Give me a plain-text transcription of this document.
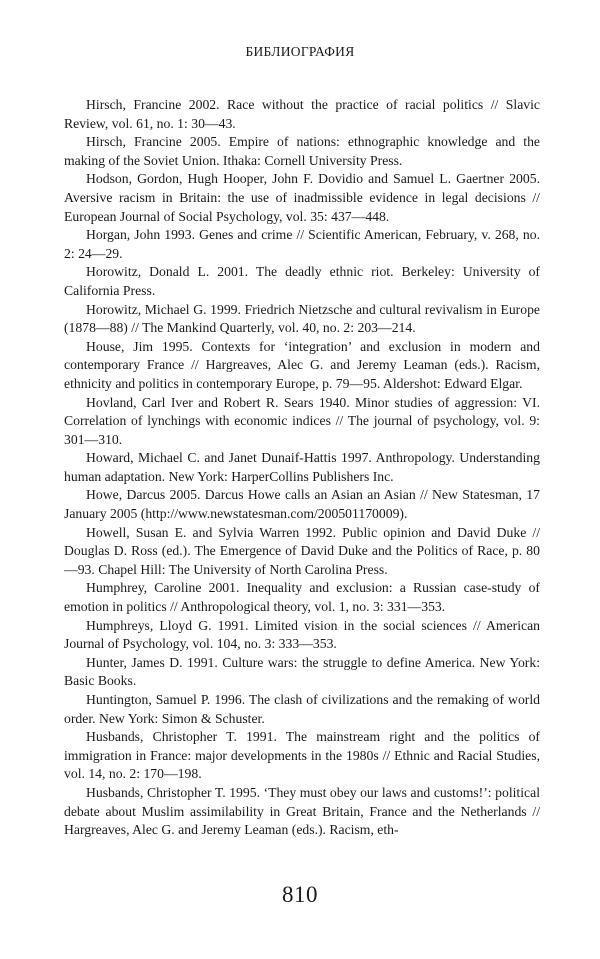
БИБЛИОГРАФИЯ

Hirsch, Francine 2002. Race without the practice of racial politics // Slavic Review, vol. 61, no. 1: 30—43.

Hirsch, Francine 2005. Empire of nations: ethnographic knowledge and the making of the Soviet Union. Ithaka: Cornell University Press.

Hodson, Gordon, Hugh Hooper, John F. Dovidio and Samuel L. Gaertner 2005. Aversive racism in Britain: the use of inadmissible evidence in legal decisions // European Journal of Social Psychology, vol. 35: 437—448.

Horgan, John 1993. Genes and crime // Scientific American, February, v. 268, no. 2: 24—29.

Horowitz, Donald L. 2001. The deadly ethnic riot. Berkeley: University of California Press.

Horowitz, Michael G. 1999. Friedrich Nietzsche and cultural revivalism in Europe (1878—88) // The Mankind Quarterly, vol. 40, no. 2: 203—214.

House, Jim 1995. Contexts for ‘integration’ and exclusion in modern and contemporary France // Hargreaves, Alec G. and Jeremy Leaman (eds.). Racism, ethnicity and politics in contemporary Europe, p. 79—95. Aldershot: Edward Elgar.

Hovland, Carl Iver and Robert R. Sears 1940. Minor studies of aggression: VI. Correlation of lynchings with economic indices // The journal of psychology, vol. 9: 301—310.

Howard, Michael C. and Janet Dunaif-Hattis 1997. Anthropology. Understanding human adaptation. New York: HarperCollins Publishers Inc.

Howe, Darcus 2005. Darcus Howe calls an Asian an Asian // New Statesman, 17 January 2005 (http://www.newstatesman.com/200501170009).

Howell, Susan E. and Sylvia Warren 1992. Public opinion and David Duke // Douglas D. Ross (ed.). The Emergence of David Duke and the Politics of Race, p. 80—93. Chapel Hill: The University of North Carolina Press.

Humphrey, Caroline 2001. Inequality and exclusion: a Russian case-study of emotion in politics // Anthropological theory, vol. 1, no. 3: 331—353.

Humphreys, Lloyd G. 1991. Limited vision in the social sciences // American Journal of Psychology, vol. 104, no. 3: 333—353.

Hunter, James D. 1991. Culture wars: the struggle to define America. New York: Basic Books.

Huntington, Samuel P. 1996. The clash of civilizations and the remaking of world order. New York: Simon & Schuster.

Husbands, Christopher T. 1991. The mainstream right and the politics of immigration in France: major developments in the 1980s // Ethnic and Racial Studies, vol. 14, no. 2: 170—198.

Husbands, Christopher T. 1995. ‘They must obey our laws and customs!’: political debate about Muslim assimilability in Great Britain, France and the Netherlands // Hargreaves, Alec G. and Jeremy Leaman (eds.). Racism, eth-

810
